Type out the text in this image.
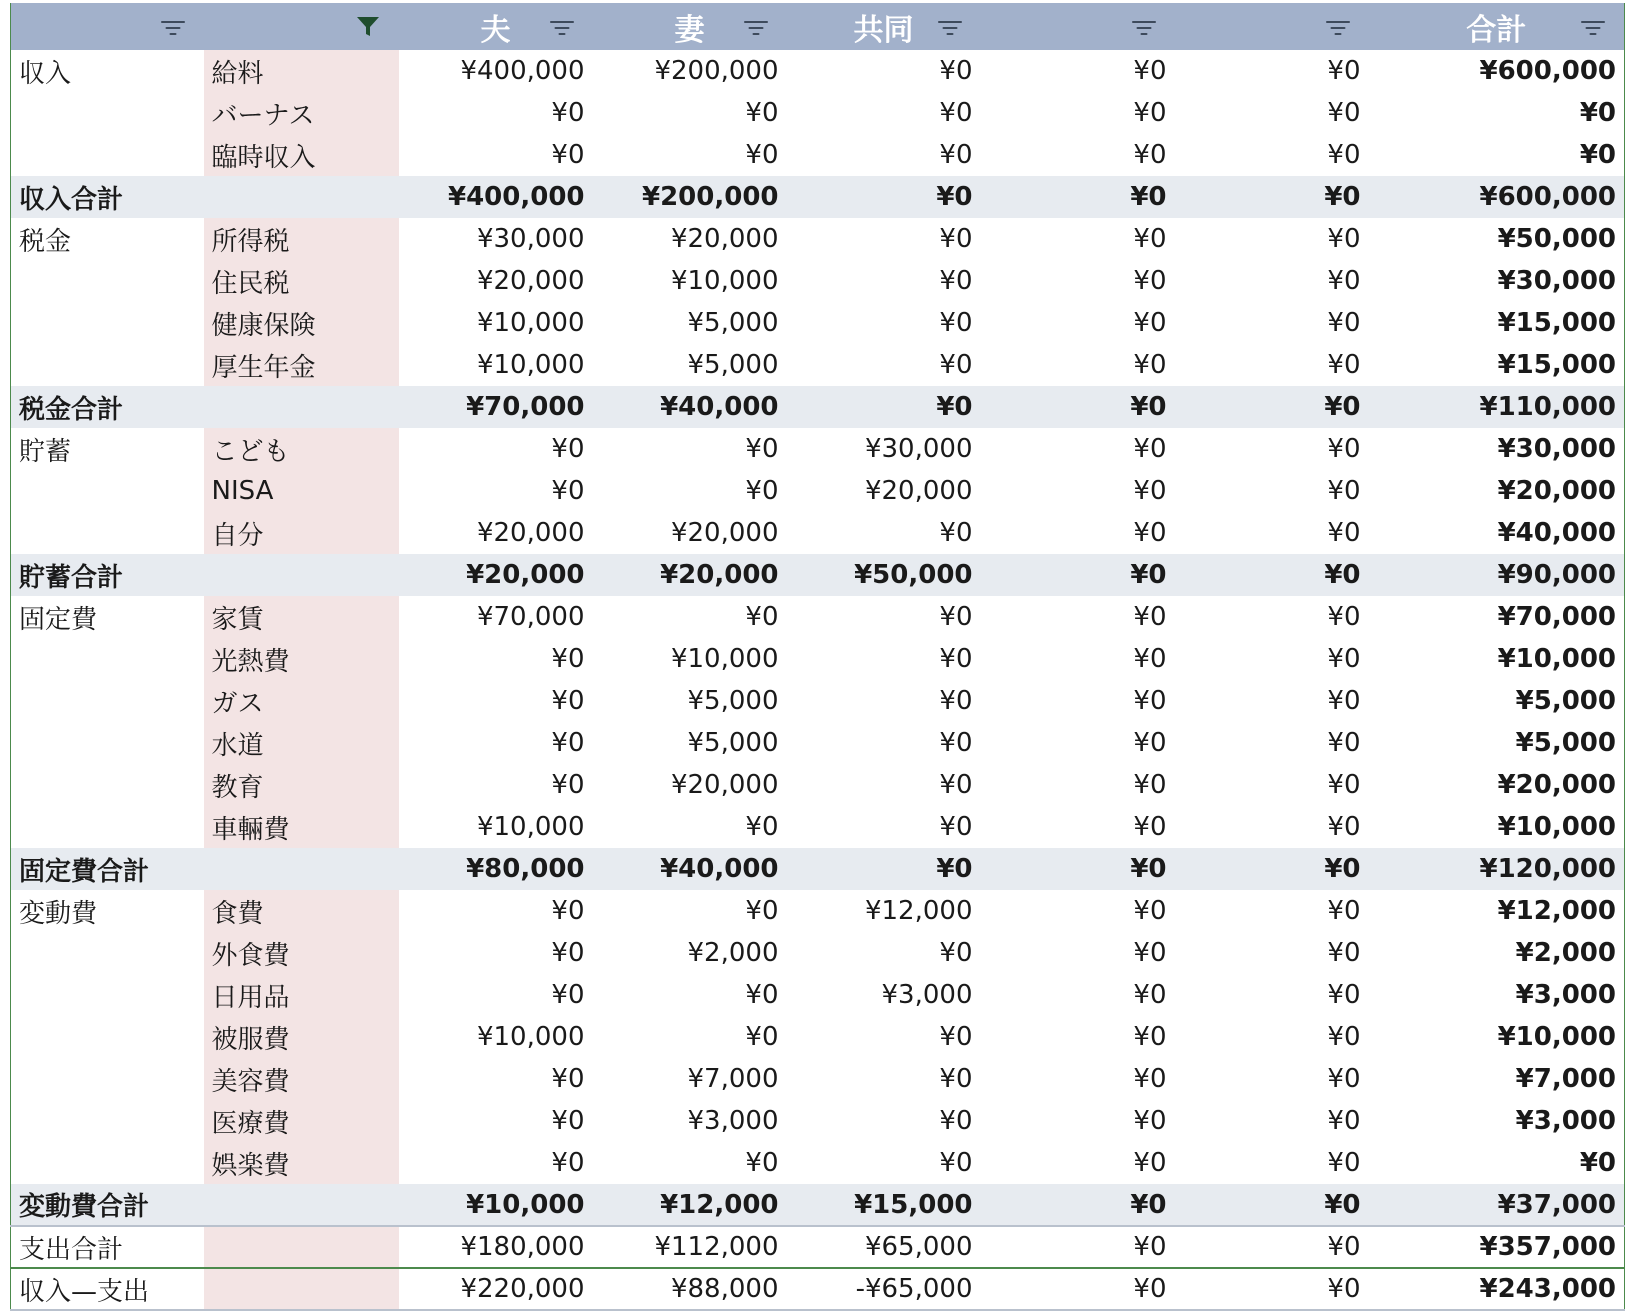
	夫	妻	共同			合計

収入	給料	¥400,000	¥200,000	¥0	¥0	¥0	¥600,000
	バーナス	¥0	¥0	¥0	¥0	¥0	¥0
	臨時収入	¥0	¥0	¥0	¥0	¥0	¥0
収入合計		¥400,000	¥200,000	¥0	¥0	¥0	¥600,000
税金	所得税	¥30,000	¥20,000	¥0	¥0	¥0	¥50,000
	住民税	¥20,000	¥10,000	¥0	¥0	¥0	¥30,000
	健康保険	¥10,000	¥5,000	¥0	¥0	¥0	¥15,000
	厚生年金	¥10,000	¥5,000	¥0	¥0	¥0	¥15,000
税金合計		¥70,000	¥40,000	¥0	¥0	¥0	¥110,000
貯蓄	こども	¥0	¥0	¥30,000	¥0	¥0	¥30,000
	NISA	¥0	¥0	¥20,000	¥0	¥0	¥20,000
	自分	¥20,000	¥20,000	¥0	¥0	¥0	¥40,000
貯蓄合計		¥20,000	¥20,000	¥50,000	¥0	¥0	¥90,000
固定費	家賃	¥70,000	¥0	¥0	¥0	¥0	¥70,000
	光熱費	¥0	¥10,000	¥0	¥0	¥0	¥10,000
	ガス	¥0	¥5,000	¥0	¥0	¥0	¥5,000
	水道	¥0	¥5,000	¥0	¥0	¥0	¥5,000
	教育	¥0	¥20,000	¥0	¥0	¥0	¥20,000
	車輛費	¥10,000	¥0	¥0	¥0	¥0	¥10,000
固定費合計		¥80,000	¥40,000	¥0	¥0	¥0	¥120,000
変動費	食費	¥0	¥0	¥12,000	¥0	¥0	¥12,000
	外食費	¥0	¥2,000	¥0	¥0	¥0	¥2,000
	日用品	¥0	¥0	¥3,000	¥0	¥0	¥3,000
	被服費	¥10,000	¥0	¥0	¥0	¥0	¥10,000
	美容費	¥0	¥7,000	¥0	¥0	¥0	¥7,000
	医療費	¥0	¥3,000	¥0	¥0	¥0	¥3,000
	娯楽費	¥0	¥0	¥0	¥0	¥0	¥0
変動費合計		¥10,000	¥12,000	¥15,000	¥0	¥0	¥37,000
支出合計		¥180,000	¥112,000	¥65,000	¥0	¥0	¥357,000
収入—支出		¥220,000	¥88,000	-¥65,000	¥0	¥0	¥243,000
